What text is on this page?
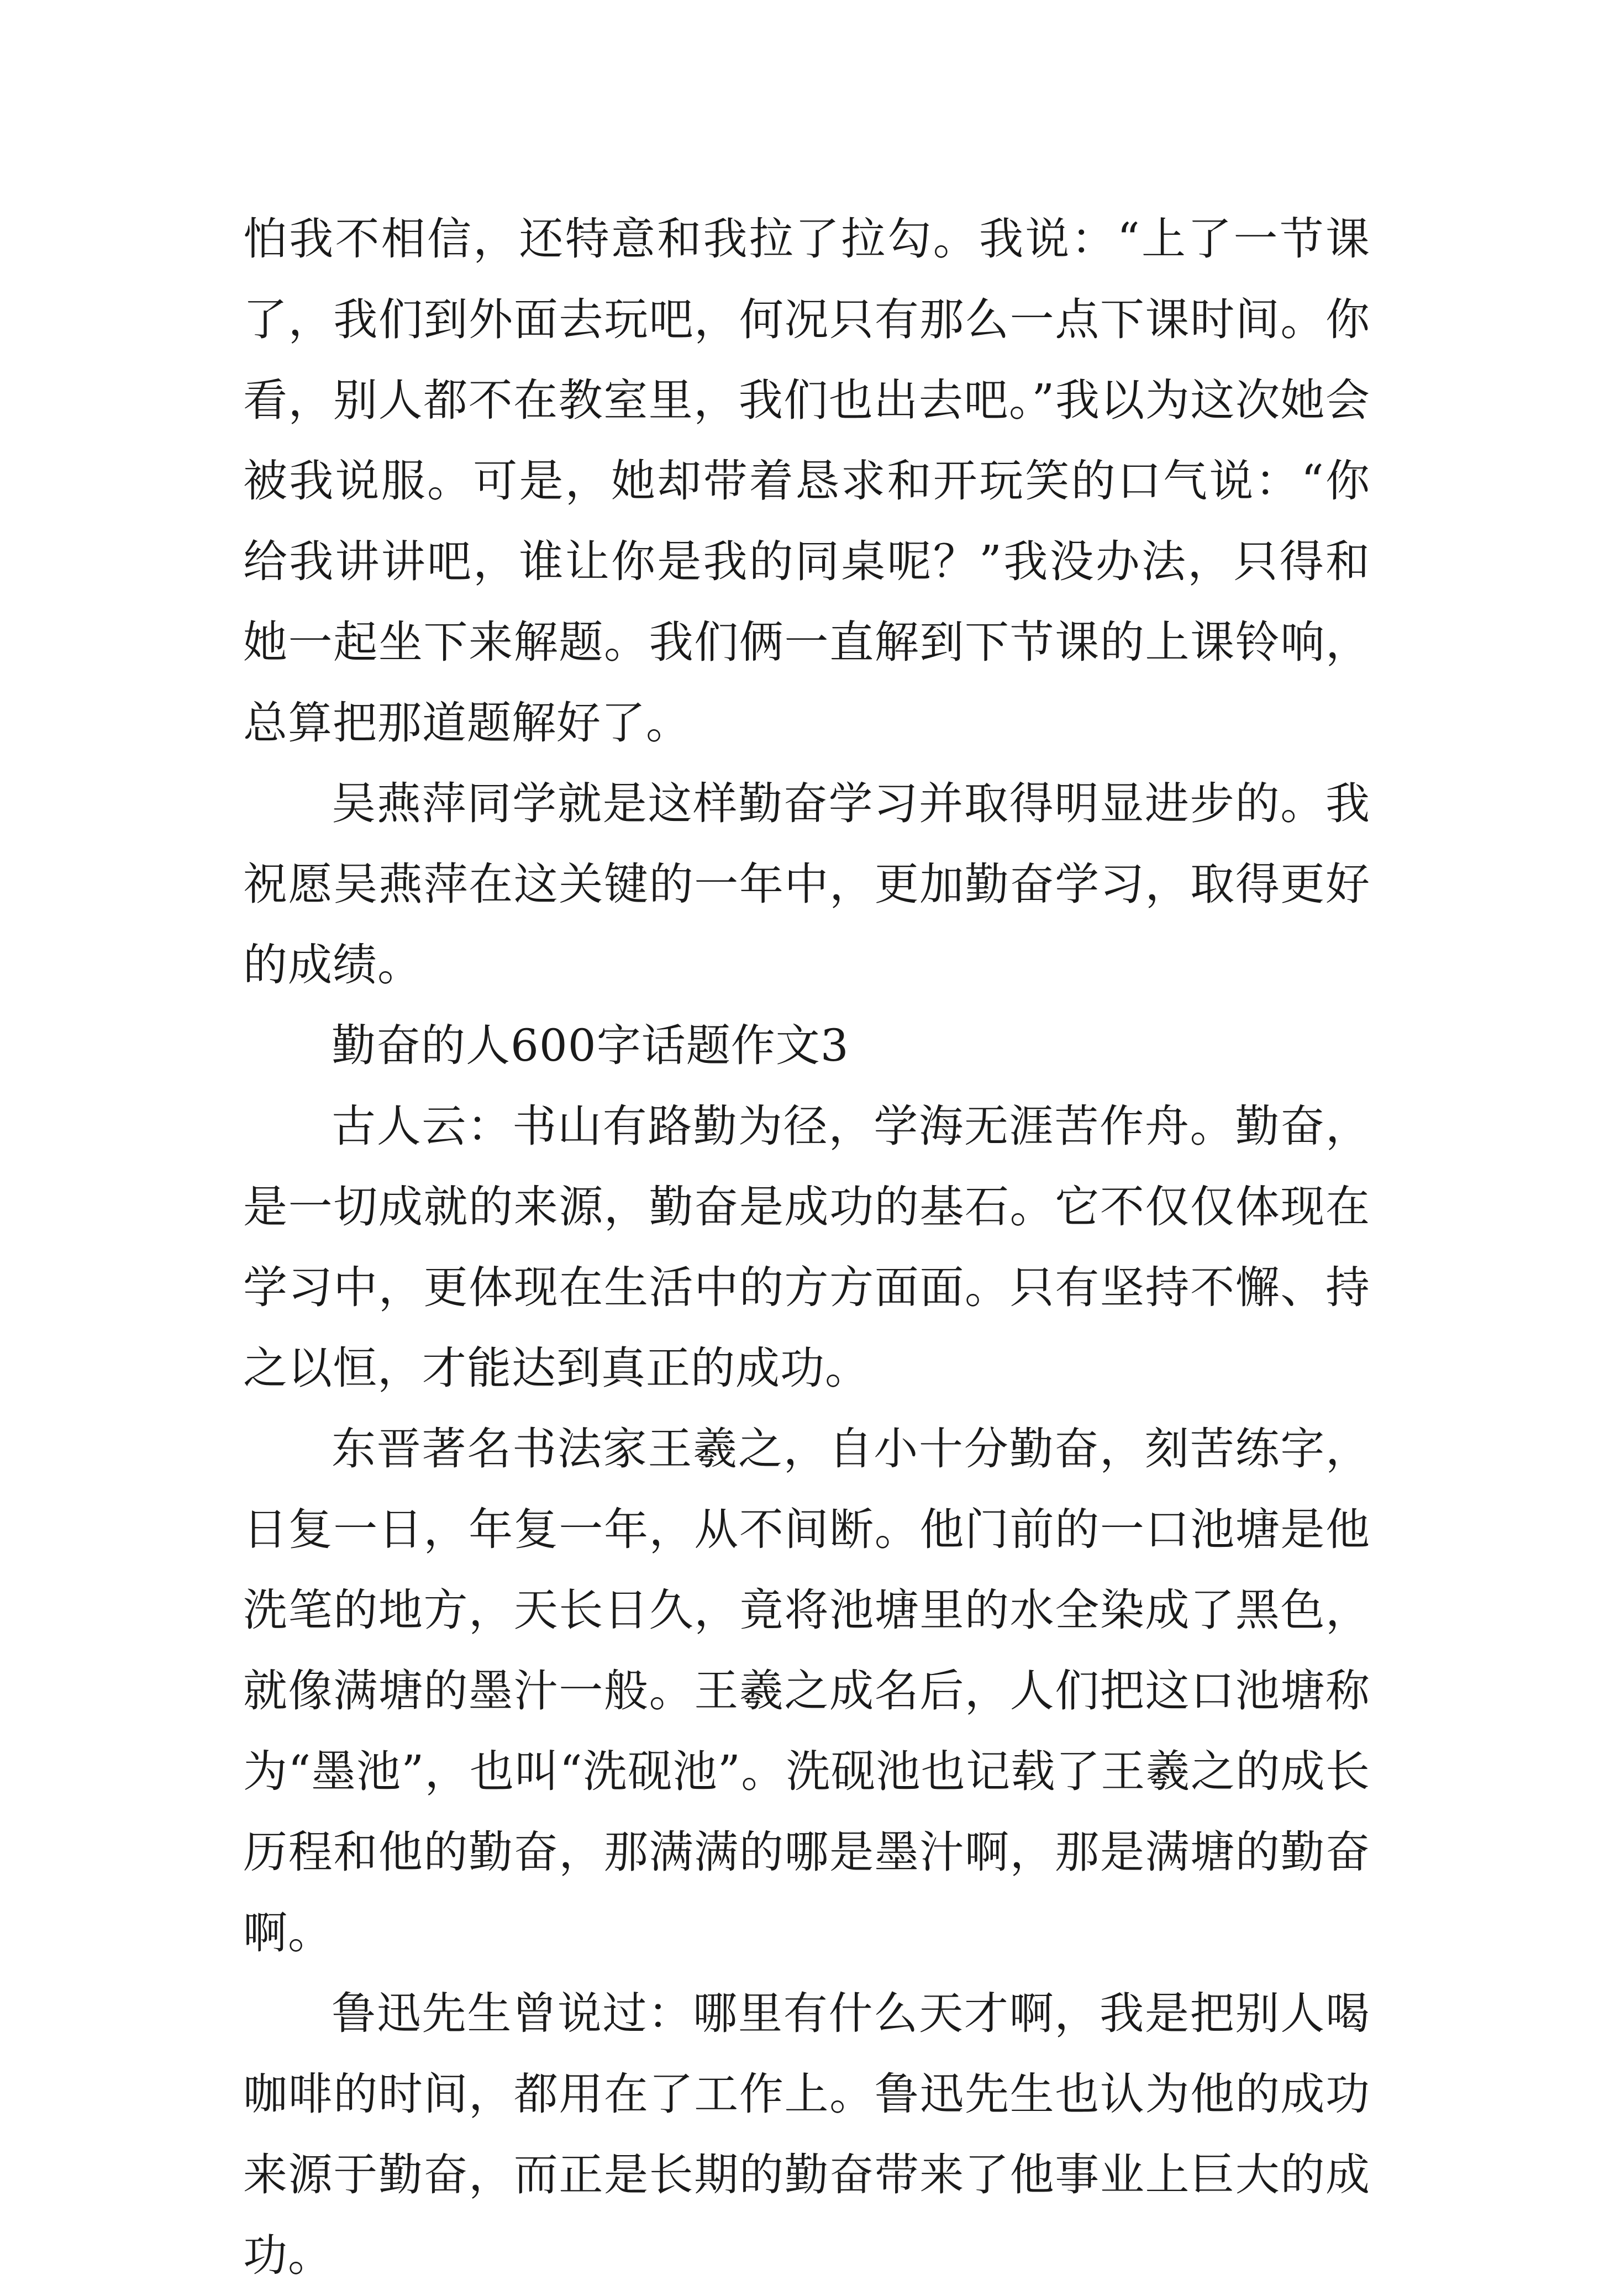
怕我不相信，还特意和我拉了拉勾。我说：“上了一节课了，我们到外面去玩吧，何况只有那么一点下课时间。你看，别人都不在教室里，我们也出去吧。”我以为这次她会被我说服。可是，她却带着恳求和开玩笑的口气说：“你给我讲讲吧，谁让你是我的同桌呢？”我没办法，只得和她一起坐下来解题。我们俩一直解到下节课的上课铃响，总算把那道题解好了。

吴燕萍同学就是这样勤奋学习并取得明显进步的。我祝愿吴燕萍在这关键的一年中，更加勤奋学习，取得更好的成绩。

勤奋的人600字话题作文3

古人云：书山有路勤为径，学海无涯苦作舟。勤奋，是一切成就的来源，勤奋是成功的基石。它不仅仅体现在学习中，更体现在生活中的方方面面。只有坚持不懈、持之以恒，才能达到真正的成功。

东晋著名书法家王羲之，自小十分勤奋，刻苦练字，日复一日，年复一年，从不间断。他门前的一口池塘是他洗笔的地方，天长日久，竟将池塘里的水全染成了黑色，就像满塘的墨汁一般。王羲之成名后，人们把这口池塘称为“墨池”，也叫“洗砚池”。洗砚池也记载了王羲之的成长历程和他的勤奋，那满满的哪是墨汁啊，那是满塘的勤奋啊。

鲁迅先生曾说过：哪里有什么天才啊，我是把别人喝咖啡的时间，都用在了工作上。鲁迅先生也认为他的成功来源于勤奋，而正是长期的勤奋带来了他事业上巨大的成功。
